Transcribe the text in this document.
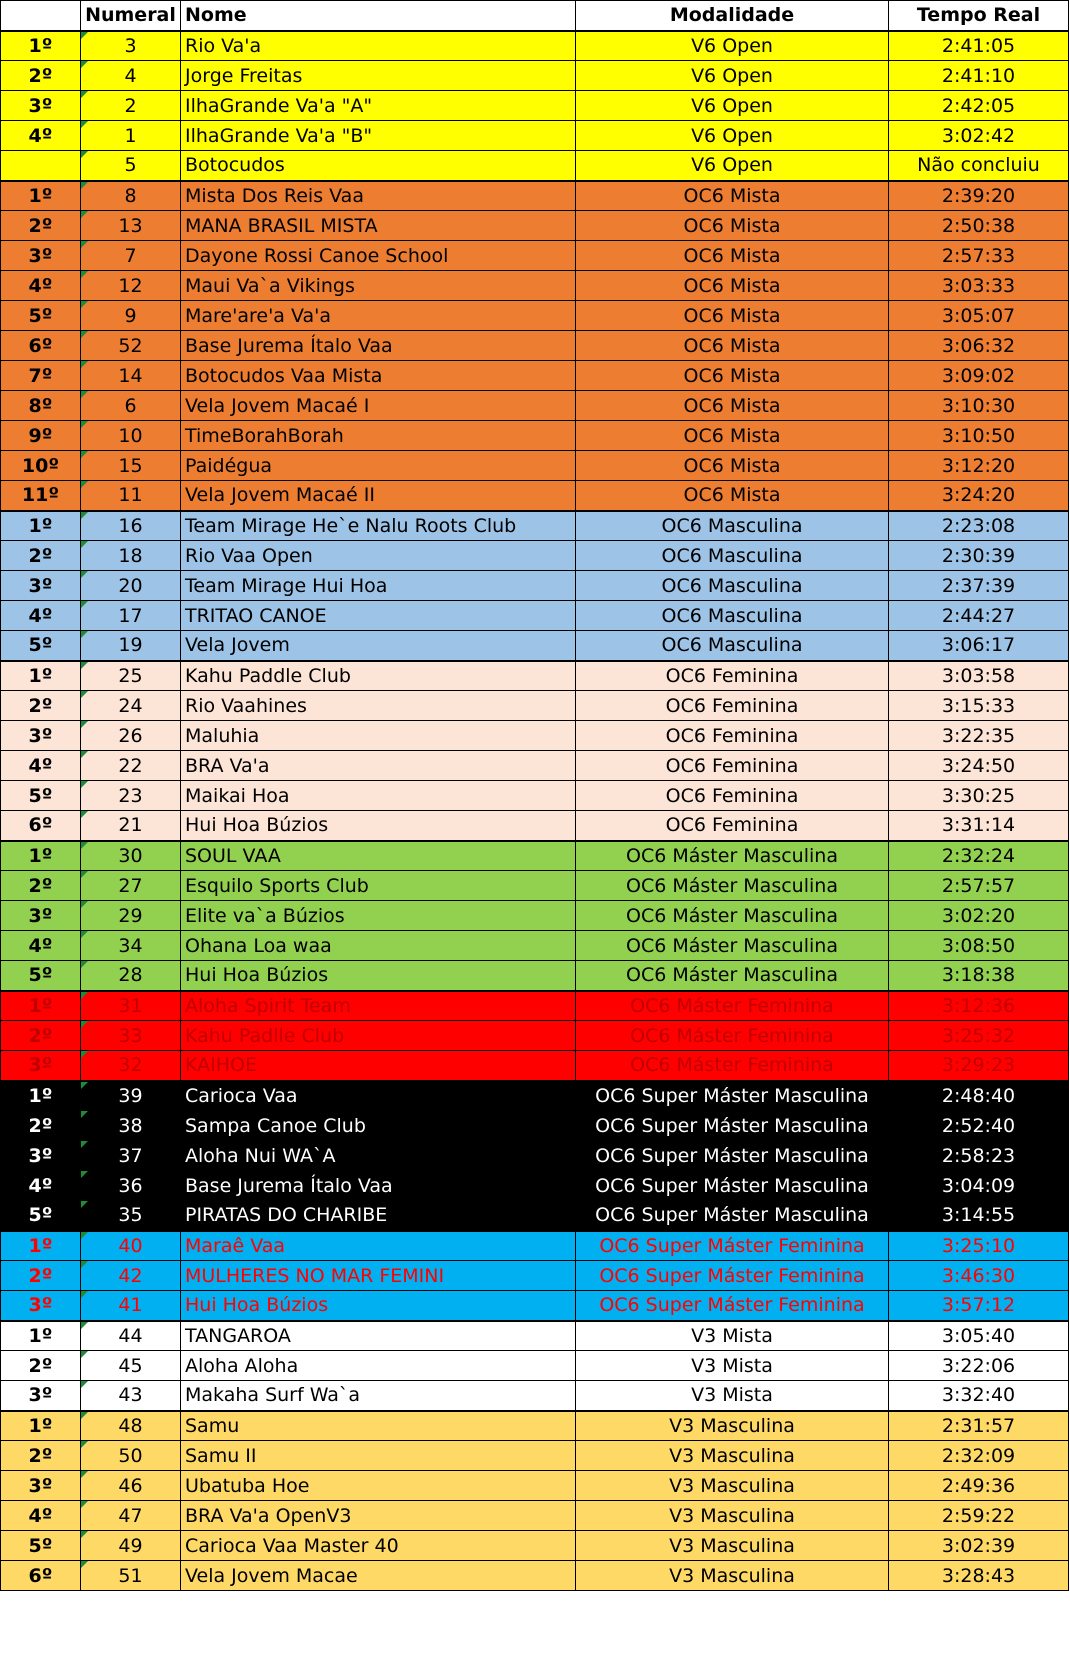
	Numeral	Nome	Modalidade	Tempo Real
1º	3	Rio Va'a	V6 Open	2:41:05
2º	4	Jorge Freitas	V6 Open	2:41:10
3º	2	IlhaGrande Va'a "A"	V6 Open	2:42:05
4º	1	IlhaGrande Va'a "B"	V6 Open	3:02:42
	5	Botocudos	V6 Open	Não concluiu
1º	8	Mista Dos Reis Vaa	OC6 Mista	2:39:20
2º	13	MANA BRASIL MISTA	OC6 Mista	2:50:38
3º	7	Dayone Rossi Canoe School	OC6 Mista	2:57:33
4º	12	Maui Va`a Vikings	OC6 Mista	3:03:33
5º	9	Mare'are'a Va'a	OC6 Mista	3:05:07
6º	52	Base Jurema Ítalo Vaa	OC6 Mista	3:06:32
7º	14	Botocudos Vaa Mista	OC6 Mista	3:09:02
8º	6	Vela Jovem Macaé I	OC6 Mista	3:10:30
9º	10	TimeBorahBorah	OC6 Mista	3:10:50
10º	15	Paidégua	OC6 Mista	3:12:20
11º	11	Vela Jovem Macaé II	OC6 Mista	3:24:20
1º	16	Team Mirage He`e Nalu Roots Club	OC6 Masculina	2:23:08
2º	18	Rio Vaa Open	OC6 Masculina	2:30:39
3º	20	Team Mirage Hui Hoa	OC6 Masculina	2:37:39
4º	17	TRITAO CANOE	OC6 Masculina	2:44:27
5º	19	Vela Jovem	OC6 Masculina	3:06:17
1º	25	Kahu Paddle Club	OC6 Feminina	3:03:58
2º	24	Rio Vaahines	OC6 Feminina	3:15:33
3º	26	Maluhia	OC6 Feminina	3:22:35
4º	22	BRA Va'a	OC6 Feminina	3:24:50
5º	23	Maikai Hoa	OC6 Feminina	3:30:25
6º	21	Hui Hoa Búzios	OC6 Feminina	3:31:14
1º	30	SOUL VAA	OC6 Máster Masculina	2:32:24
2º	27	Esquilo Sports Club	OC6 Máster Masculina	2:57:57
3º	29	Elite va`a Búzios	OC6 Máster Masculina	3:02:20
4º	34	Ohana Loa waa	OC6 Máster Masculina	3:08:50
5º	28	Hui Hoa Búzios	OC6 Máster Masculina	3:18:38
1º	31	Aloha Spirit Team	OC6 Máster Feminina	3:12:36
2º	33	Kahu Padlle Club	OC6 Máster Feminina	3:25:32
3º	32	KAIHOE	OC6 Máster Feminina	3:29:23
1º	39	Carioca Vaa	OC6 Super Máster Masculina	2:48:40
2º	38	Sampa Canoe Club	OC6 Super Máster Masculina	2:52:40
3º	37	Aloha Nui WA`A	OC6 Super Máster Masculina	2:58:23
4º	36	Base Jurema Ítalo Vaa	OC6 Super Máster Masculina	3:04:09
5º	35	PIRATAS DO CHARIBE	OC6 Super Máster Masculina	3:14:55
1º	40	Maraê Vaa	OC6 Super Máster Feminina	3:25:10
2º	42	MULHERES NO MAR FEMINI	OC6 Super Máster Feminina	3:46:30
3º	41	Hui Hoa Búzios	OC6 Super Máster Feminina	3:57:12
1º	44	TANGAROA	V3 Mista	3:05:40
2º	45	Aloha Aloha	V3 Mista	3:22:06
3º	43	Makaha Surf Wa`a	V3 Mista	3:32:40
1º	48	Samu	V3 Masculina	2:31:57
2º	50	Samu II	V3 Masculina	2:32:09
3º	46	Ubatuba Hoe	V3 Masculina	2:49:36
4º	47	BRA Va'a OpenV3	V3 Masculina	2:59:22
5º	49	Carioca Vaa Master 40	V3 Masculina	3:02:39
6º	51	Vela Jovem Macae	V3 Masculina	3:28:43
